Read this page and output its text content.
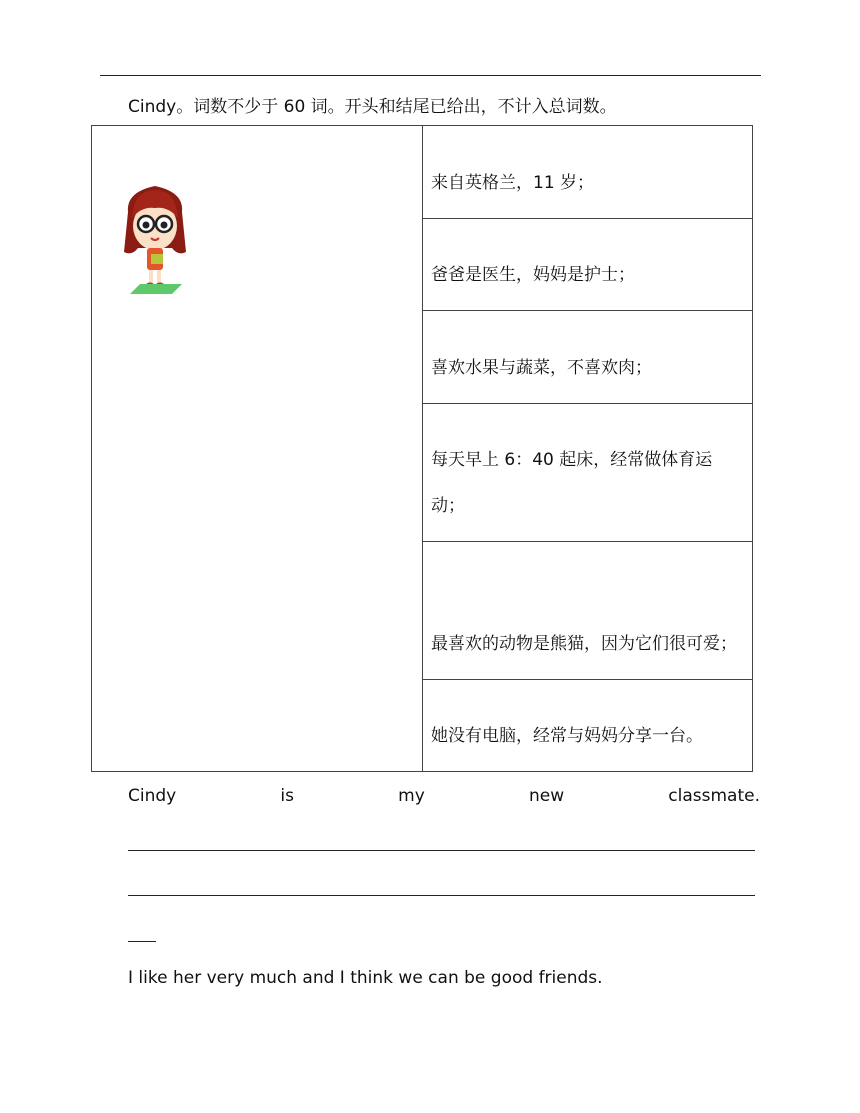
Cindy。词数不少于 60 词。开头和结尾已给出，不计入总词数。
	来自英格兰，11 岁；
爸爸是医生，妈妈是护士；
喜欢水果与蔬菜，不喜欢肉；
每天早上 6：40 起床，经常做体育运动；
最喜欢的动物是熊猫，因为它们很可爱；
她没有电脑，经常与妈妈分享一台。
Cindy	is	my	new	classmate.
I like her very much and I think we can be good friends.
